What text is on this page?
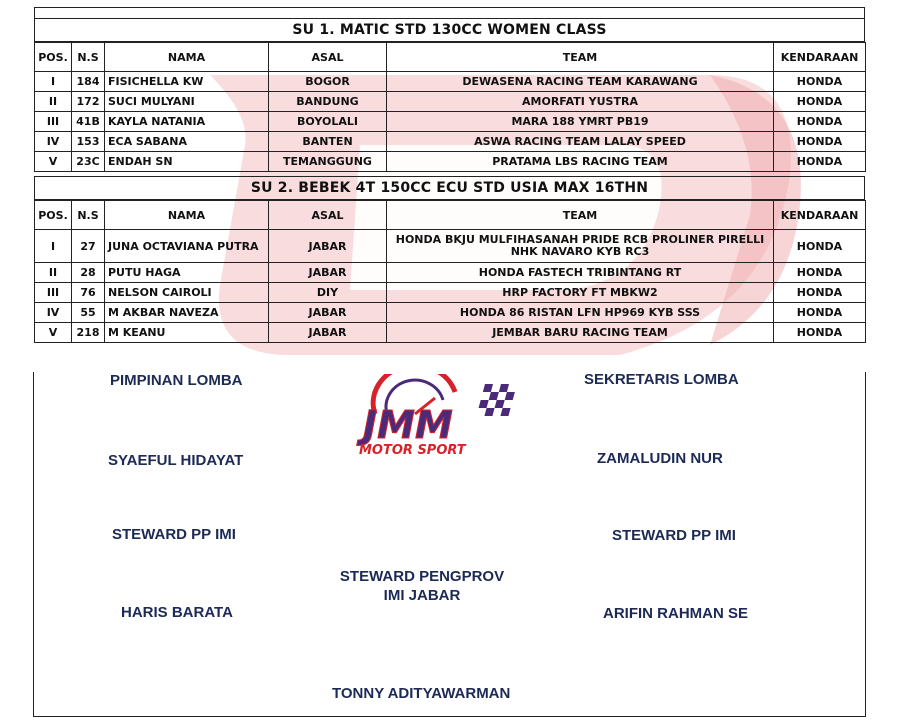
SU 1. MATIC STD 130CC WOMEN CLASS
POS.	N.S	NAMA	ASAL	TEAM	KENDARAAN
I	184	FISICHELLA KW	BOGOR	DEWASENA RACING TEAM KARAWANG	HONDA
II	172	SUCI MULYANI	BANDUNG	AMORFATI YUSTRA	HONDA
III	41B	KAYLA NATANIA	BOYOLALI	MARA 188 YMRT PB19	HONDA
IV	153	ECA SABANA	BANTEN	ASWA RACING TEAM LALAY SPEED	HONDA
V	23C	ENDAH SN	TEMANGGUNG	PRATAMA LBS RACING TEAM	HONDA
SU 2. BEBEK 4T 150CC ECU STD USIA MAX 16THN
POS.	N.S	NAMA	ASAL	TEAM	KENDARAAN
I	27	JUNA OCTAVIANA PUTRA	JABAR	HONDA BKJU MULFIHASANAH PRIDE RCB PROLINER PIRELLI NHK NAVARO KYB RC3	HONDA
II	28	PUTU HAGA	JABAR	HONDA FASTECH TRIBINTANG RT	HONDA
III	76	NELSON CAIROLI	DIY	HRP FACTORY FT MBKW2	HONDA
IV	55	M AKBAR NAVEZA	JABAR	HONDA 86 RISTAN LFN HP969 KYB SSS	HONDA
V	218	M KEANU	JABAR	JEMBAR BARU RACING TEAM	HONDA
JMM
MOTOR SPORT
PIMPINAN LOMBA
SYAEFUL HIDAYAT
SEKRETARIS LOMBA
ZAMALUDIN NUR
STEWARD PP IMI
HARIS BARATA
STEWARD PP IMI
ARIFIN RAHMAN SE
STEWARD PENGPROV
IMI JABAR
TONNY ADITYAWARMAN
